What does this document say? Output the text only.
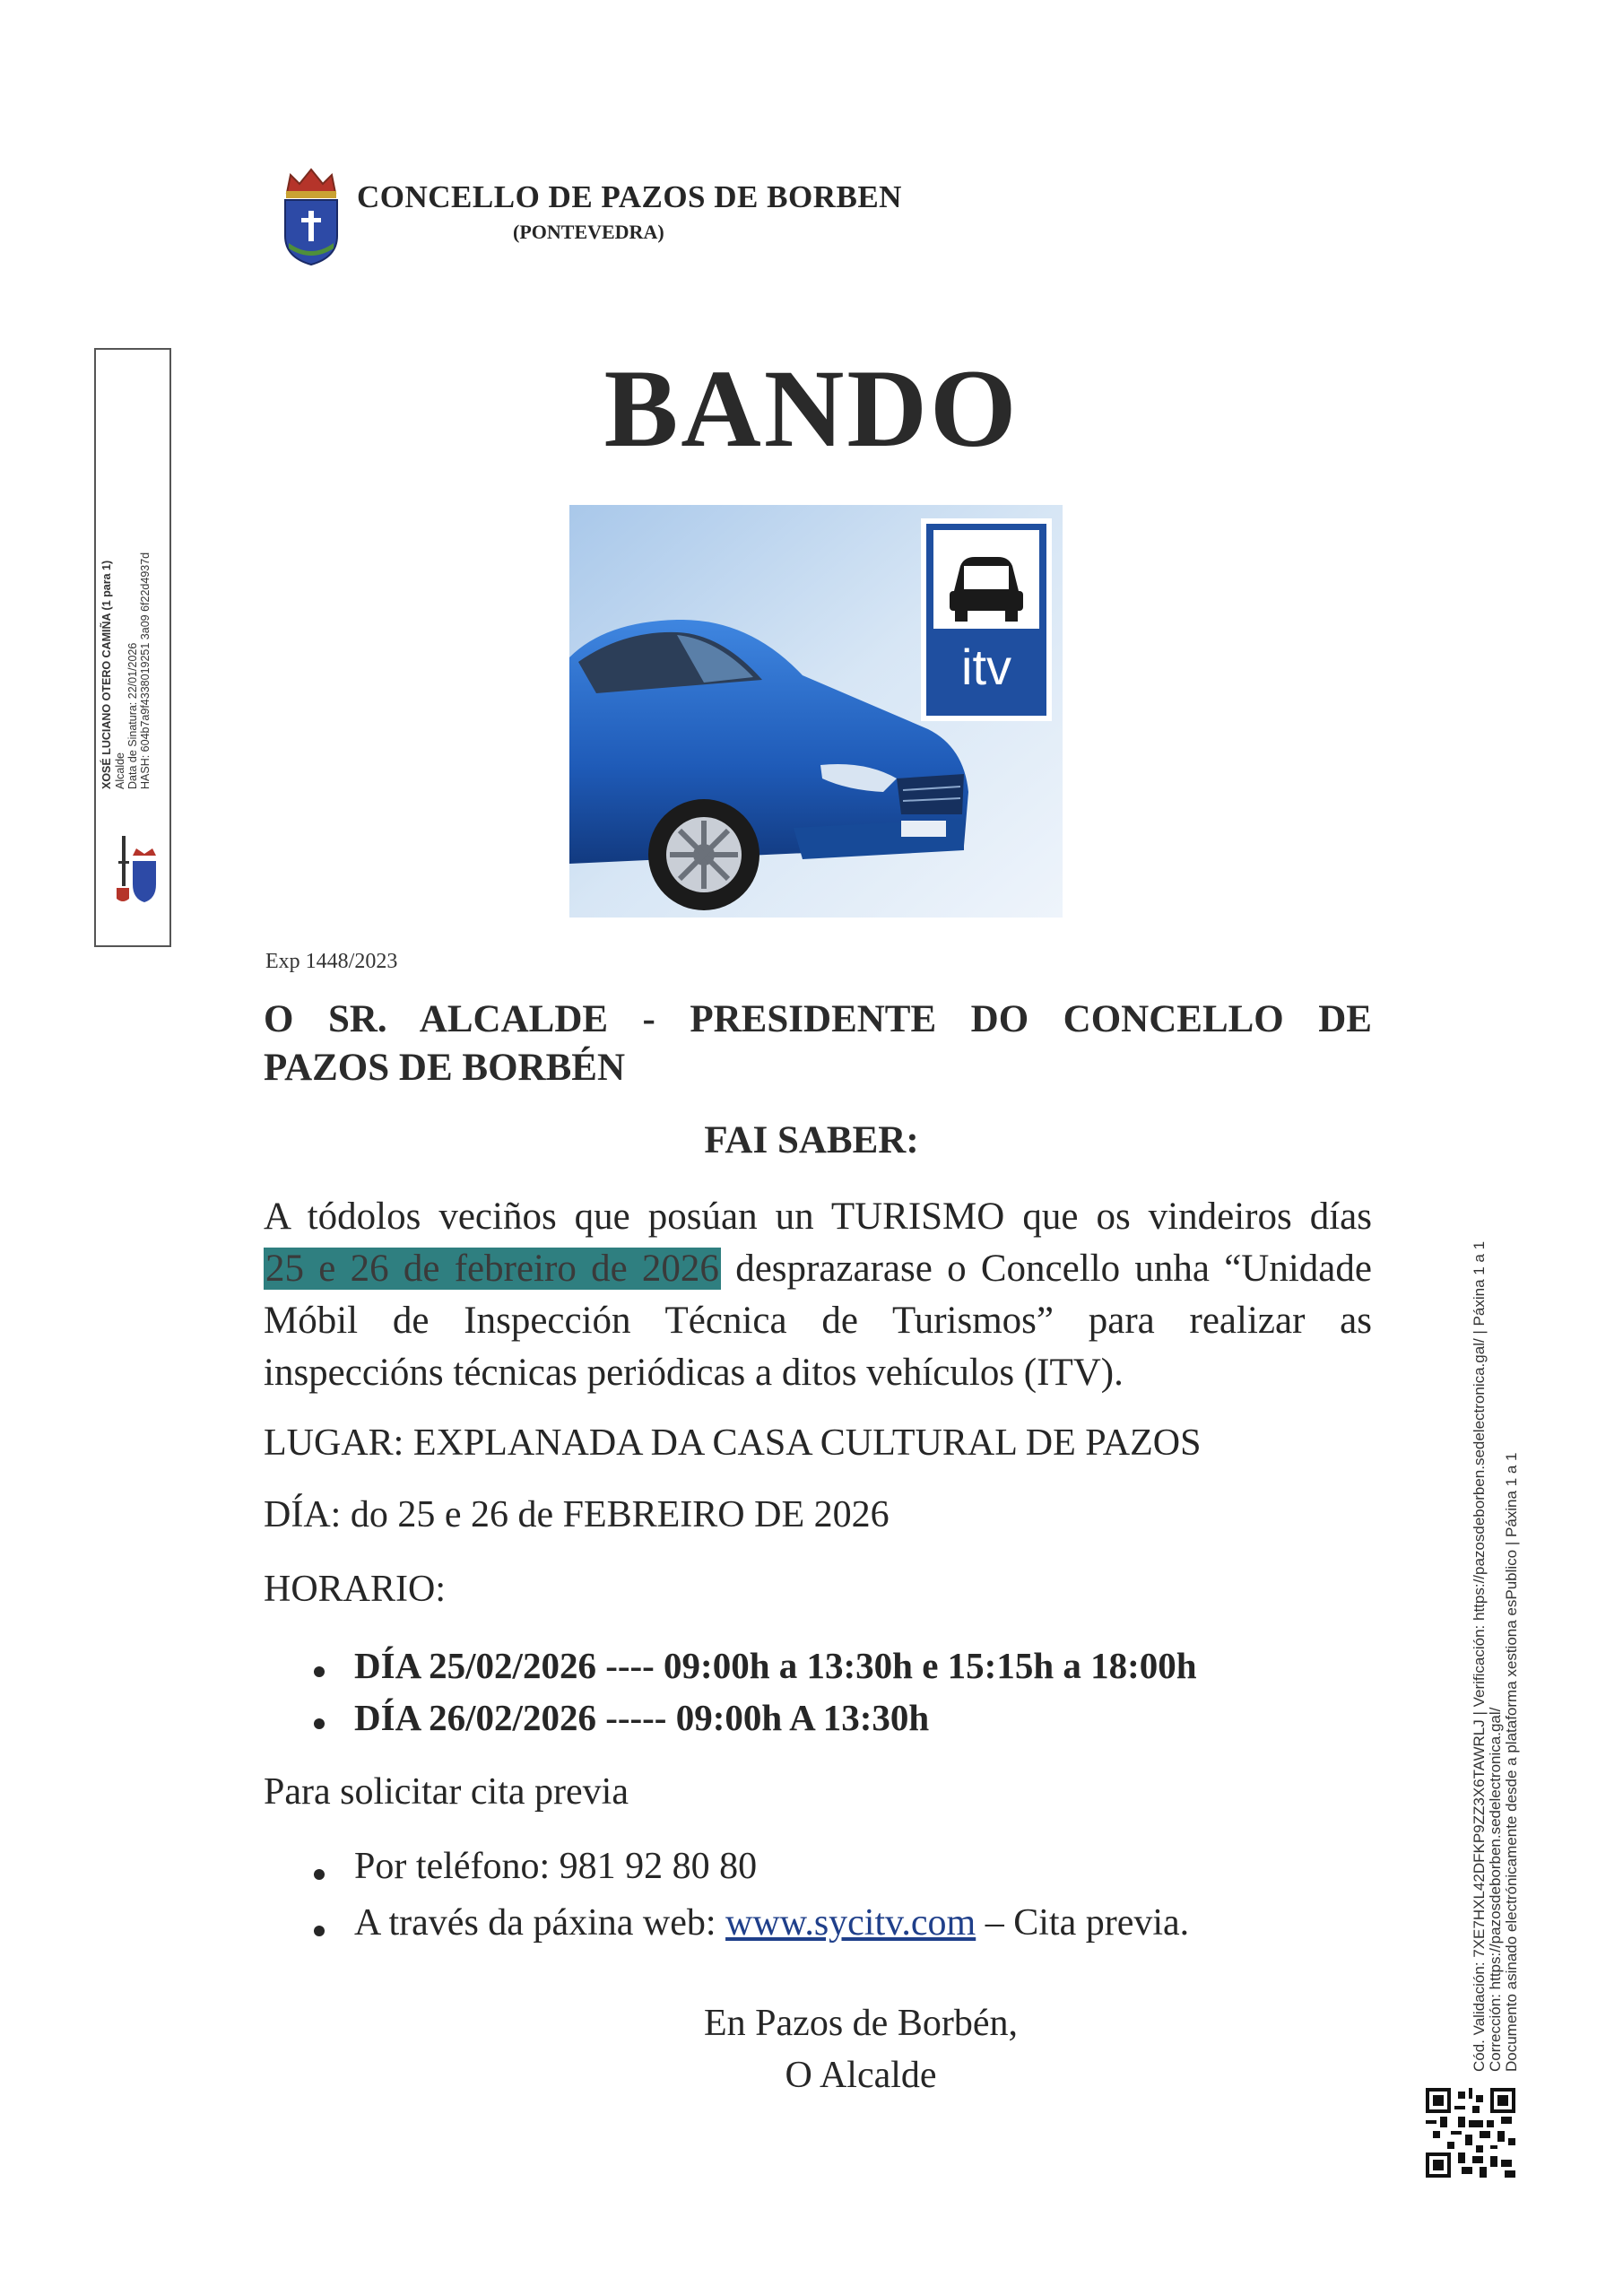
CONCELLO DE PAZOS DE BORBEN
(PONTEVEDRA)
XOSÉ LUCIANO OTERO CAMIÑA (1 para 1) Alcalde Data de Sinatura: 22/01/2026 HASH: 604b7a9f4338019251 3a09 6f22d4937d
BANDO
itv
Exp 1448/2023
O SR. ALCALDE - PRESIDENTE DO CONCELLO DE
PAZOS DE BORBÉN
FAI SABER:
A tódolos veciños que posúan un TURISMO que os vindeiros días
25 e 26 de febreiro de 2026 desprazarase o Concello unha “Unidade
Móbil de Inspección Técnica de Turismos” para realizar as
inspeccións técnicas periódicas a ditos vehículos (ITV).
LUGAR: EXPLANADA DA CASA CULTURAL DE PAZOS
DÍA: do 25 e 26 de FEBREIRO DE 2026
HORARIO:
DÍA 25/02/2026 ---- 09:00h a 13:30h e 15:15h a 18:00h
DÍA 26/02/2026 ----- 09:00h A 13:30h
Para solicitar cita previa
Por teléfono: 981 92 80 80
A través da páxina web: www.sycitv.com – Cita previa.
En Pazos de Borbén,
O Alcalde
Cód. Validación: 7XE7HXL42DFKP9ZZ3X6TAWRLJ | Verificación: https://pazosdeborben.sedelectronica.gal/ | Páxina 1 a 1 Corrección: https://pazosdeborben.sedelectronica.gal/ Documento asinado electrónicamente desde a plataforma xestiona esPublico | Páxina 1 a 1
